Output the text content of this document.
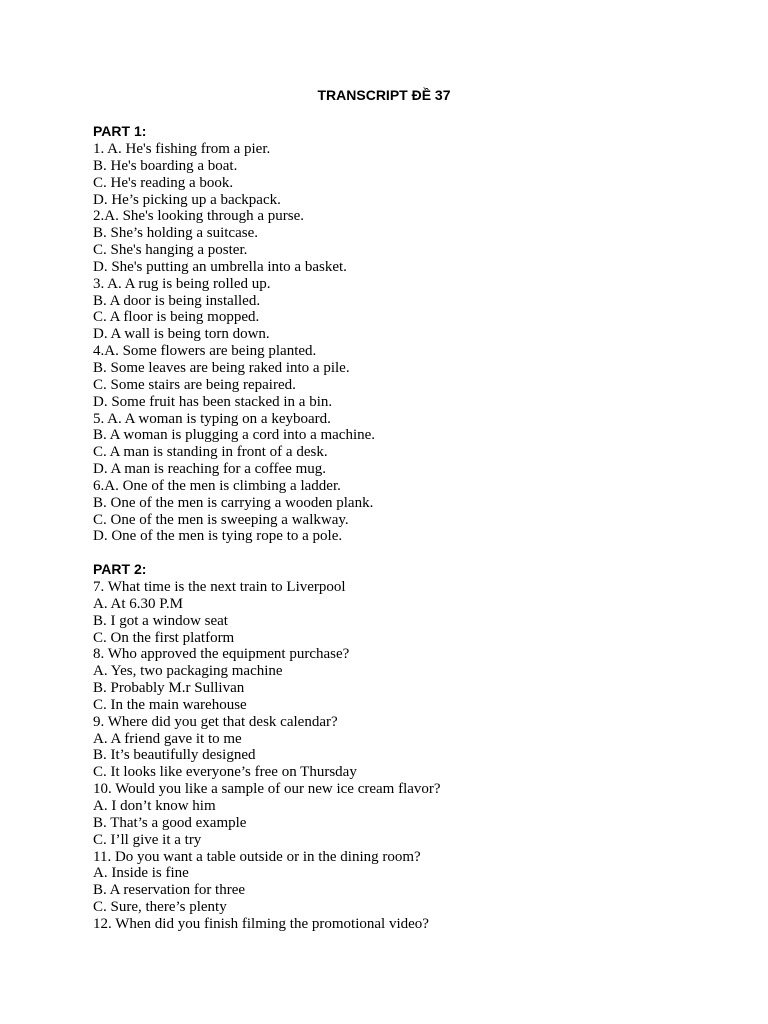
TRANSCRIPT ĐỀ 37
PART 1:
1. A. He's fishing from a pier.
B. He's boarding a boat.
C. He's reading a book.
D. He’s picking up a backpack.
2.A. She's looking through a purse.
B. She’s holding a suitcase.
C. She's hanging a poster.
D. She's putting an umbrella into a basket.
3. A. A rug is being rolled up.
B. A door is being installed.
C. A floor is being mopped.
D. A wall is being torn down.
4.A. Some flowers are being planted.
B. Some leaves are being raked into a pile.
C. Some stairs are being repaired.
D. Some fruit has been stacked in a bin.
5. A. A woman is typing on a keyboard.
B. A woman is plugging a cord into a machine.
C. A man is standing in front of a desk.
D. A man is reaching for a coffee mug.
6.A. One of the men is climbing a ladder.
B. One of the men is carrying a wooden plank.
C. One of the men is sweeping a walkway.
D. One of the men is tying rope to a pole.
PART 2:
7. What time is the next train to Liverpool
A. At 6.30 P.M
B. I got a window seat
C. On the first platform
8. Who approved the equipment purchase?
A. Yes, two packaging machine
B. Probably M.r Sullivan
C. In the main warehouse
9. Where did you get that desk calendar?
A. A friend gave it to me
B. It’s beautifully designed
C. It looks like everyone’s free on Thursday
10. Would you like a sample of our new ice cream flavor?
A. I don’t know him
B. That’s a good example
C. I’ll give it a try
11. Do you want a table outside or in the dining room?
A. Inside is fine
B. A reservation for three
C. Sure, there’s plenty
12. When did you finish filming the promotional video?
